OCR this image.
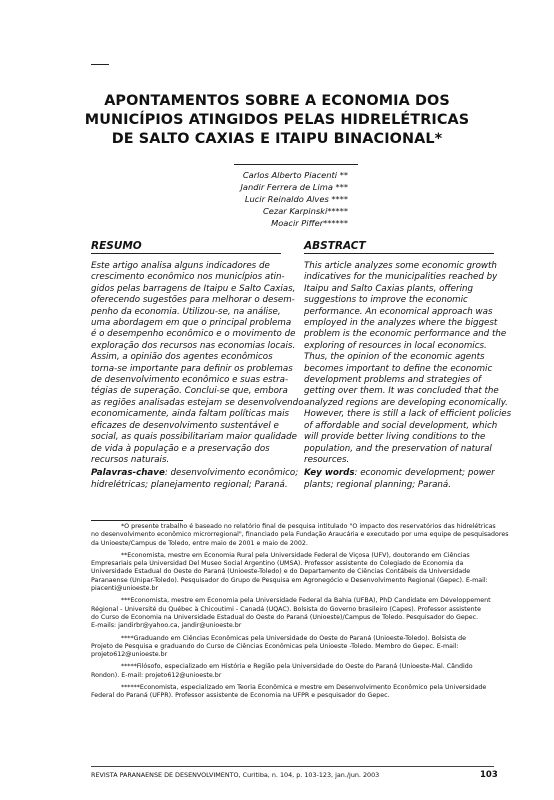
APONTAMENTOS SOBRE A ECONOMIA DOS
MUNICÍPIOS ATINGIDOS PELAS HIDRELÉTRICAS
DE SALTO CAXIAS E ITAIPU BINACIONAL*
Carlos Alberto Piacenti **
Jandir Ferrera de Lima ***
Lucir Reinaldo Alves ****
Cezar Karpinski*****
Moacir Piffer******
RESUMO
Este artigo analisa alguns indicadores de
crescimento econômico nos municípios atin-
gidos pelas barragens de Itaipu e Salto Caxias,
oferecendo sugestões para melhorar o desem-
penho da economia. Utilizou-se, na análise,
uma abordagem em que o principal problema
é o desempenho econômico e o movimento de
exploração dos recursos nas economias locais.
Assim, a opinião dos agentes econômicos
torna-se importante para definir os problemas
de desenvolvimento econômico e suas estra-
tégias de superação. Conclui-se que, embora
as regiões analisadas estejam se desenvolvendo
economicamente, ainda faltam políticas mais
eficazes de desenvolvimento sustentável e
social, as quais possibilitariam maior qualidade
de vida à população e a preservação dos
recursos naturais.
Palavras-chave: desenvolvimento econômico;
hidrelétricas; planejamento regional; Paraná.
ABSTRACT
This article analyzes some economic growth
indicatives for the municipalities reached by
Itaipu and Salto Caxias plants, offering
suggestions to improve the economic
performance. An economical approach was
employed in the analyzes where the biggest
problem is the economic performance and the
exploring of resources in local economics.
Thus, the opinion of the economic agents
becomes important to define the economic
development problems and strategies of
getting over them. It was concluded that the
analyzed regions are developing economically.
However, there is still a lack of efficient policies
of affordable and social development, which
will provide better living conditions to the
population, and the preservation of natural
resources.
Key words: economic development; power
plants; regional planning; Paraná.
*O presente trabalho é baseado no relatório final de pesquisa intitulado "O impacto dos reservatórios das hidrelétricas
no desenvolvimento econômico microrregional", financiado pela Fundação Araucária e executado por uma equipe de pesquisadores
da Unioeste/Campus de Toledo, entre maio de 2001 e maio de 2002.
**Economista, mestre em Economia Rural pela Universidade Federal de Viçosa (UFV), doutorando em Ciências
Empresariais pela Universidad Del Museo Social Argentino (UMSA). Professor assistente do Colegiado de Economia da
Universidade Estadual do Oeste do Paraná (Unioeste-Toledo) e do Departamento de Ciências Contábeis da Universidade
Paranaense (Unipar-Toledo). Pesquisador do Grupo de Pesquisa em Agronegócio e Desenvolvimento Regional (Gepec). E-mail:
piacenti@unioeste.br
***Economista, mestre em Economia pela Universidade Federal da Bahia (UFBA), PhD Candidate em Développement
Régional - Université du Québec à Chicoutimi - Canadá (UQAC). Bolsista do Governo brasileiro (Capes). Professor assistente
do Curso de Economia na Universidade Estadual do Oeste do Paraná (Unioeste)/Campus de Toledo. Pesquisador do Gepec.
E-mails: jandirbr@yahoo.ca, jandir@unioeste.br
****Graduando em Ciências Econômicas pela Universidade do Oeste do Paraná (Unioeste-Toledo). Bolsista de
Projeto de Pesquisa e graduando do Curso de Ciências Econômicas pela Unioeste -Toledo. Membro do Gepec. E-mail:
projeto612@unioeste.br
*****Filósofo, especializado em História e Região pela Universidade do Oeste do Paraná (Unioeste-Mal. Cândido
Rondon). E-mail: projeto612@unioeste.br
******Economista, especializado em Teoria Econômica e mestre em Desenvolvimento Econômico pela Universidade
Federal do Paraná (UFPR). Professor assistente de Economia na UFPR e pesquisador do Gepec.
REVISTA PARANAENSE DE DESENVOLVIMENTO, Curitiba, n. 104, p. 103-123, jan./jun. 2003	103
